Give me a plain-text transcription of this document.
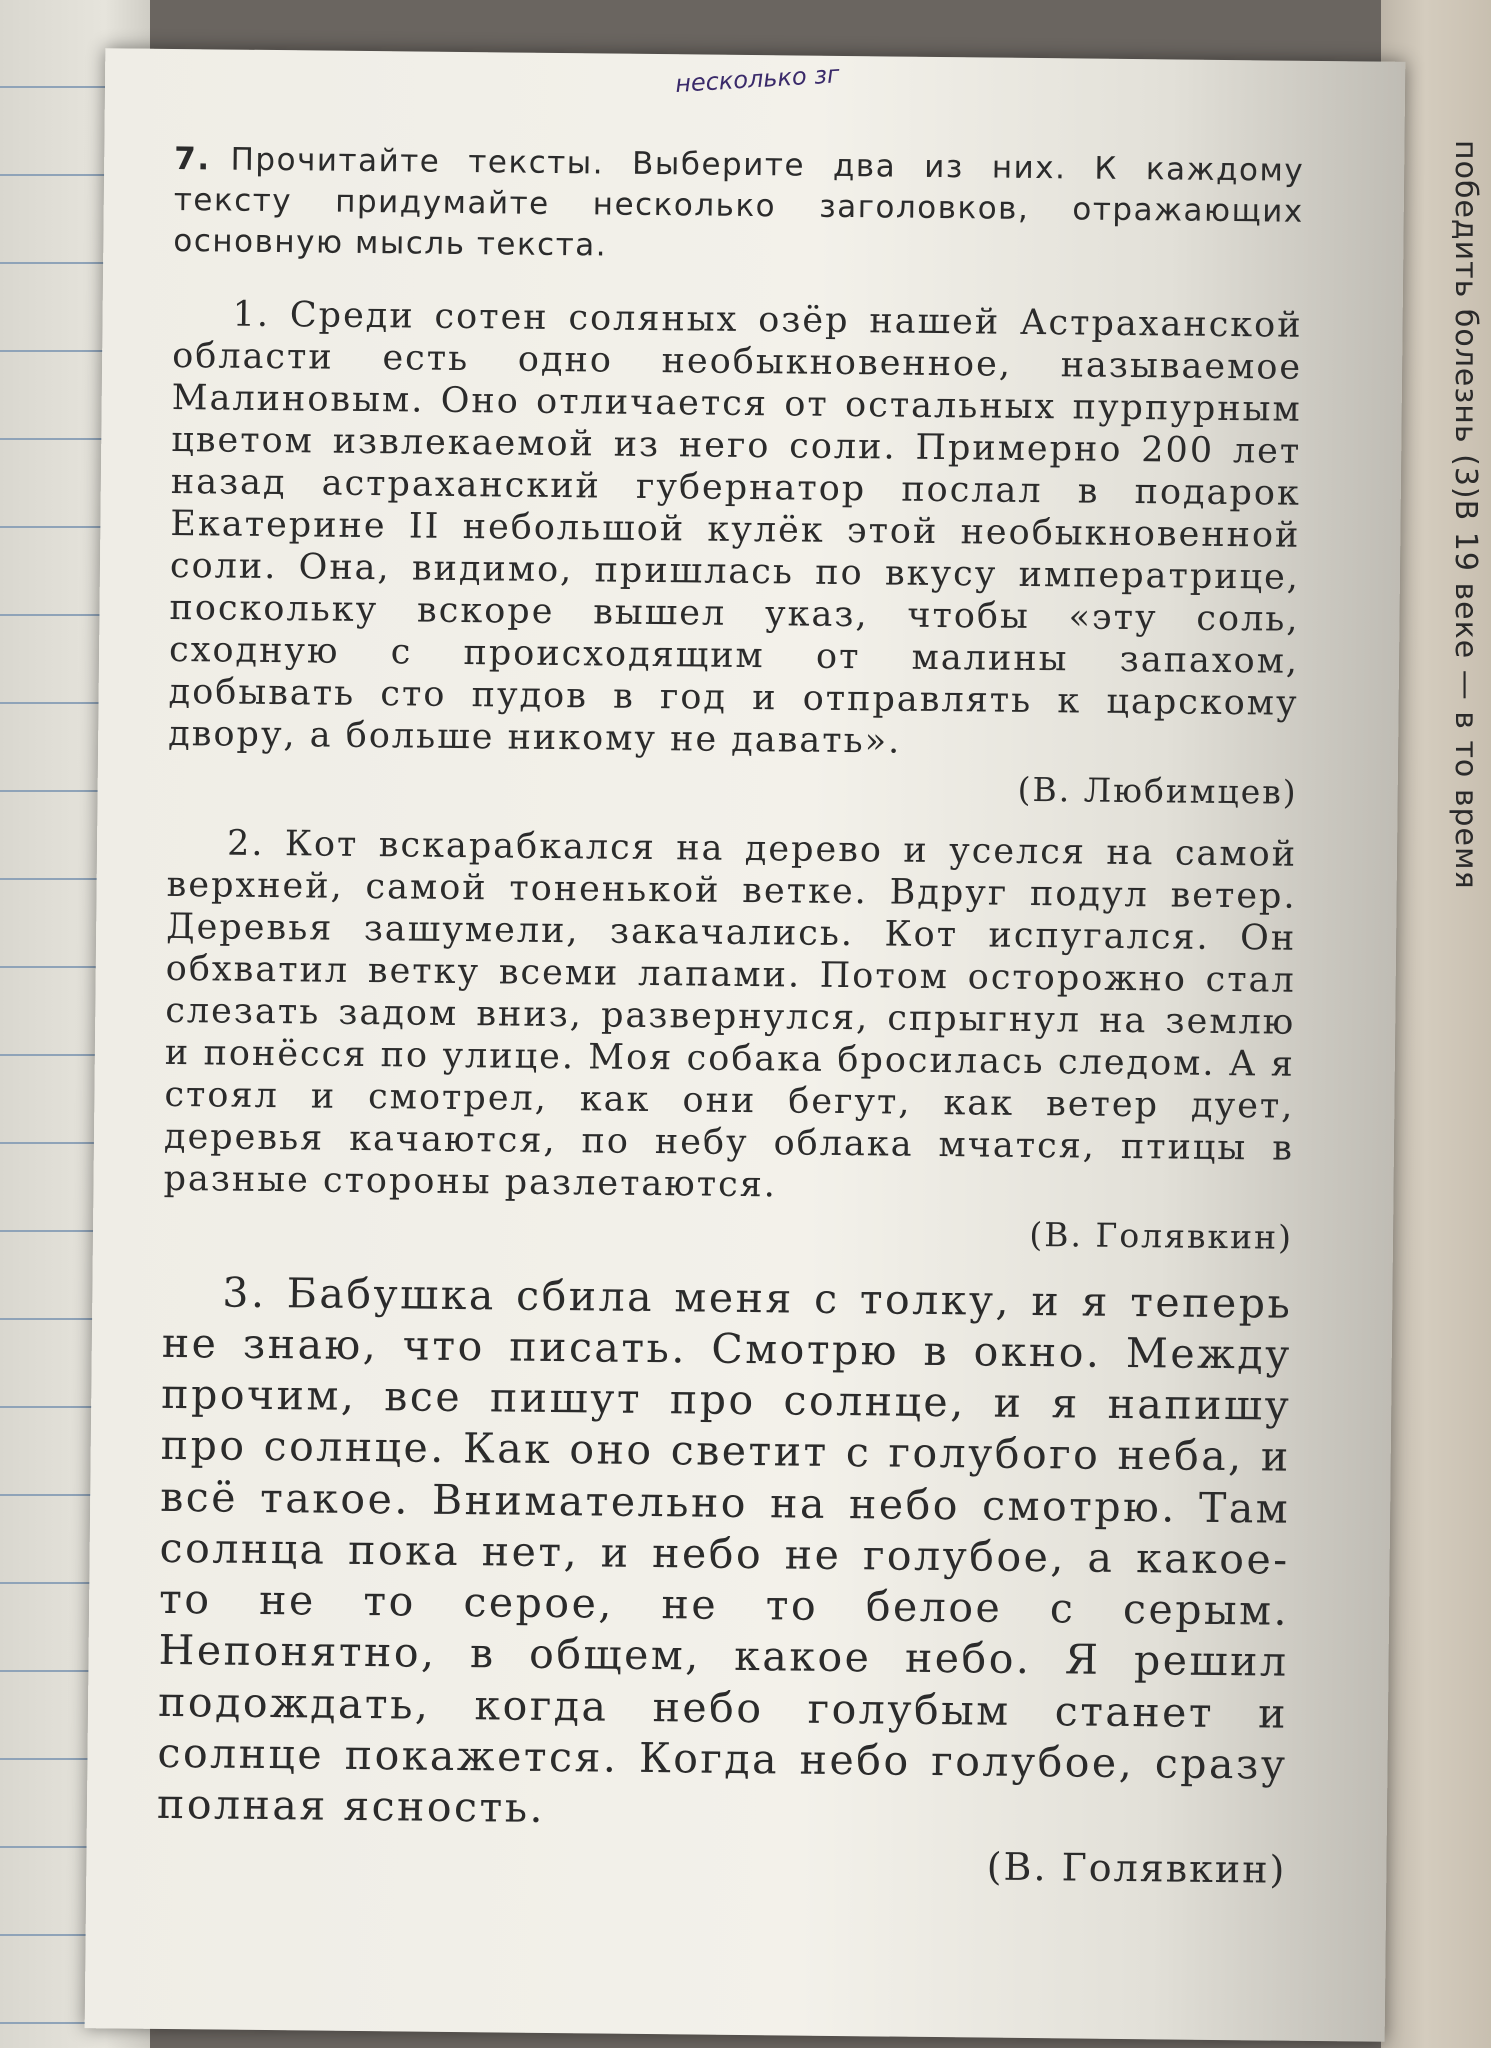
победить болезнь (3)В 19 веке — в то время
несколько зг

7. Прочитайте тексты. Выберите два из них. К каждому тексту придумайте несколько заголовков, отражающих основную мысль текста.

1. Среди сотен соляных озёр нашей Астраханской области есть одно необыкновенное, называемое Малиновым. Оно отличается от остальных пурпурным цветом извлекаемой из него соли. Примерно 200 лет назад астраханский губернатор послал в подарок Екатерине II небольшой кулёк этой необыкновенной соли. Она, видимо, пришлась по вкусу императрице, поскольку вскоре вышел указ, чтобы «эту соль, сходную с происходящим от малины запахом, добывать сто пудов в год и отправлять к царскому двору, а больше никому не давать».

(В. Любимцев)

2. Кот вскарабкался на дерево и уселся на самой верхней, самой тоненькой ветке. Вдруг подул ветер. Деревья зашумели, закачались. Кот испугался. Он обхватил ветку всеми лапами. Потом осторожно стал слезать задом вниз, развернулся, спрыгнул на землю и понёсся по улице. Моя собака бросилась следом. А я стоял и смотрел, как они бегут, как ветер дует, деревья качаются, по небу облака мчатся, птицы в разные стороны разлетаются.

(В. Голявкин)

3. Бабушка сбила меня с толку, и я теперь не знаю, что писать. Смотрю в окно. Между прочим, все пишут про солнце, и я напишу про солнце. Как оно светит с голубого неба, и всё такое. Внимательно на небо смотрю. Там солнца пока нет, и небо не голубое, а какое-то не то серое, не то белое с серым. Непонятно, в общем, какое небо. Я решил подождать, когда небо голубым станет и солнце покажется. Когда небо голубое, сразу полная ясность.

(В. Голявкин)
